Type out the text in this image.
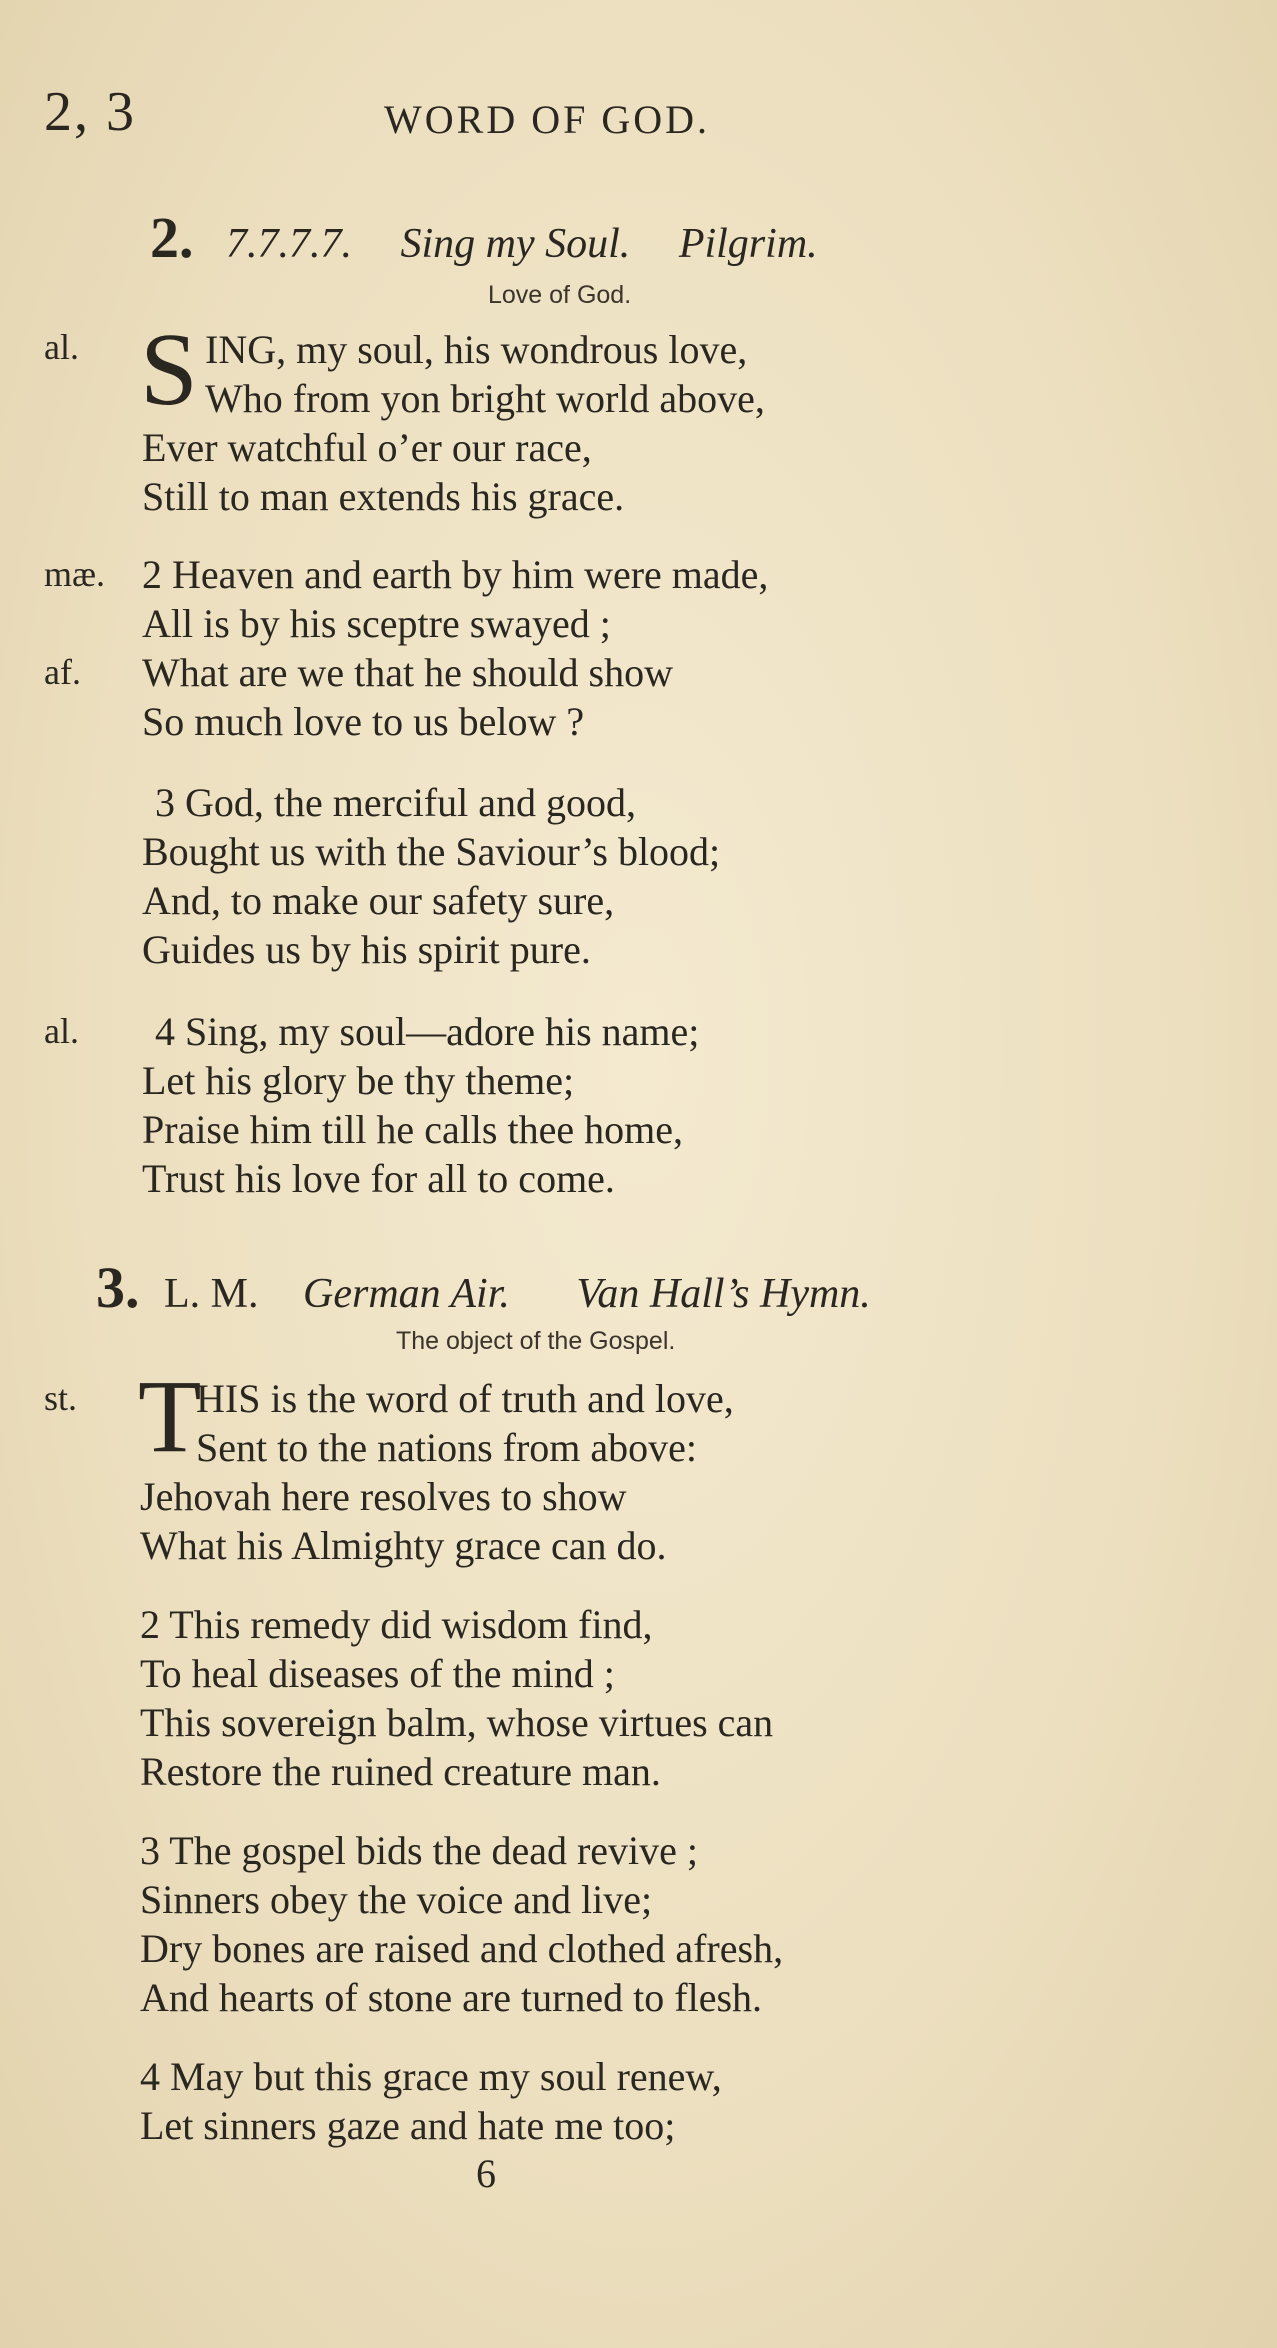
2, 3	WORD OF GOD.
2. 7.7.7.7. Sing my Soul. Pilgrim.
Love of God.
al. S ING, my soul, his wondrous love,
Who from yon bright world above,
Ever watchful o’er our race,
Still to man extends his grace.
mæ. 2 Heaven and earth by him were made,
All is by his sceptre swayed ;
af. What are we that he should show
So much love to us below ?
3 God, the merciful and good,
Bought us with the Saviour’s blood;
And, to make our safety sure,
Guides us by his spirit pure.
al. 4 Sing, my soul—adore his name;
Let his glory be thy theme;
Praise him till he calls thee home,
Trust his love for all to come.
3. L. M. German Air. Van Hall’s Hymn.
The object of the Gospel.
st. T
HIS is the word of truth and love,
Sent to the nations from above:
Jehovah here resolves to show
What his Almighty grace can do.
2 This remedy did wisdom find,
To heal diseases of the mind ;
This sovereign balm, whose virtues can
Restore the ruined creature man.
3 The gospel bids the dead revive ;
Sinners obey the voice and live;
Dry bones are raised and clothed afresh,
And hearts of stone are turned to flesh.
4 May but this grace my soul renew,
Let sinners gaze and hate me too;
6
